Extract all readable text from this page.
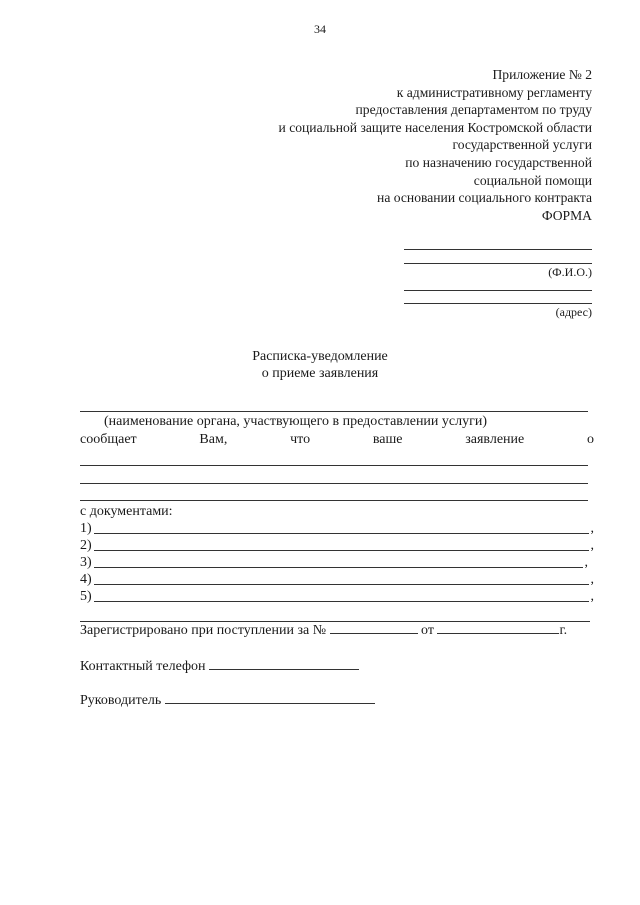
34
Приложение № 2
к административному регламенту
предоставления департаментом по труду
и социальной защите населения Костромской области
государственной услуги
по назначению государственной
социальной помощи
на основании социального контракта
ФОРМА
(Ф.И.О.)
(адрес)
Расписка-уведомление
о приеме заявления
(наименование органа, участвующего в предоставлении услуги)
сообщает	Вам,	что	ваше	заявление	о
с документами:
1)	,
2)	,
3)	,
4)	,
5)	,
Зарегистрировано при поступлении за №	от	г.
Контактный телефон
Руководитель
